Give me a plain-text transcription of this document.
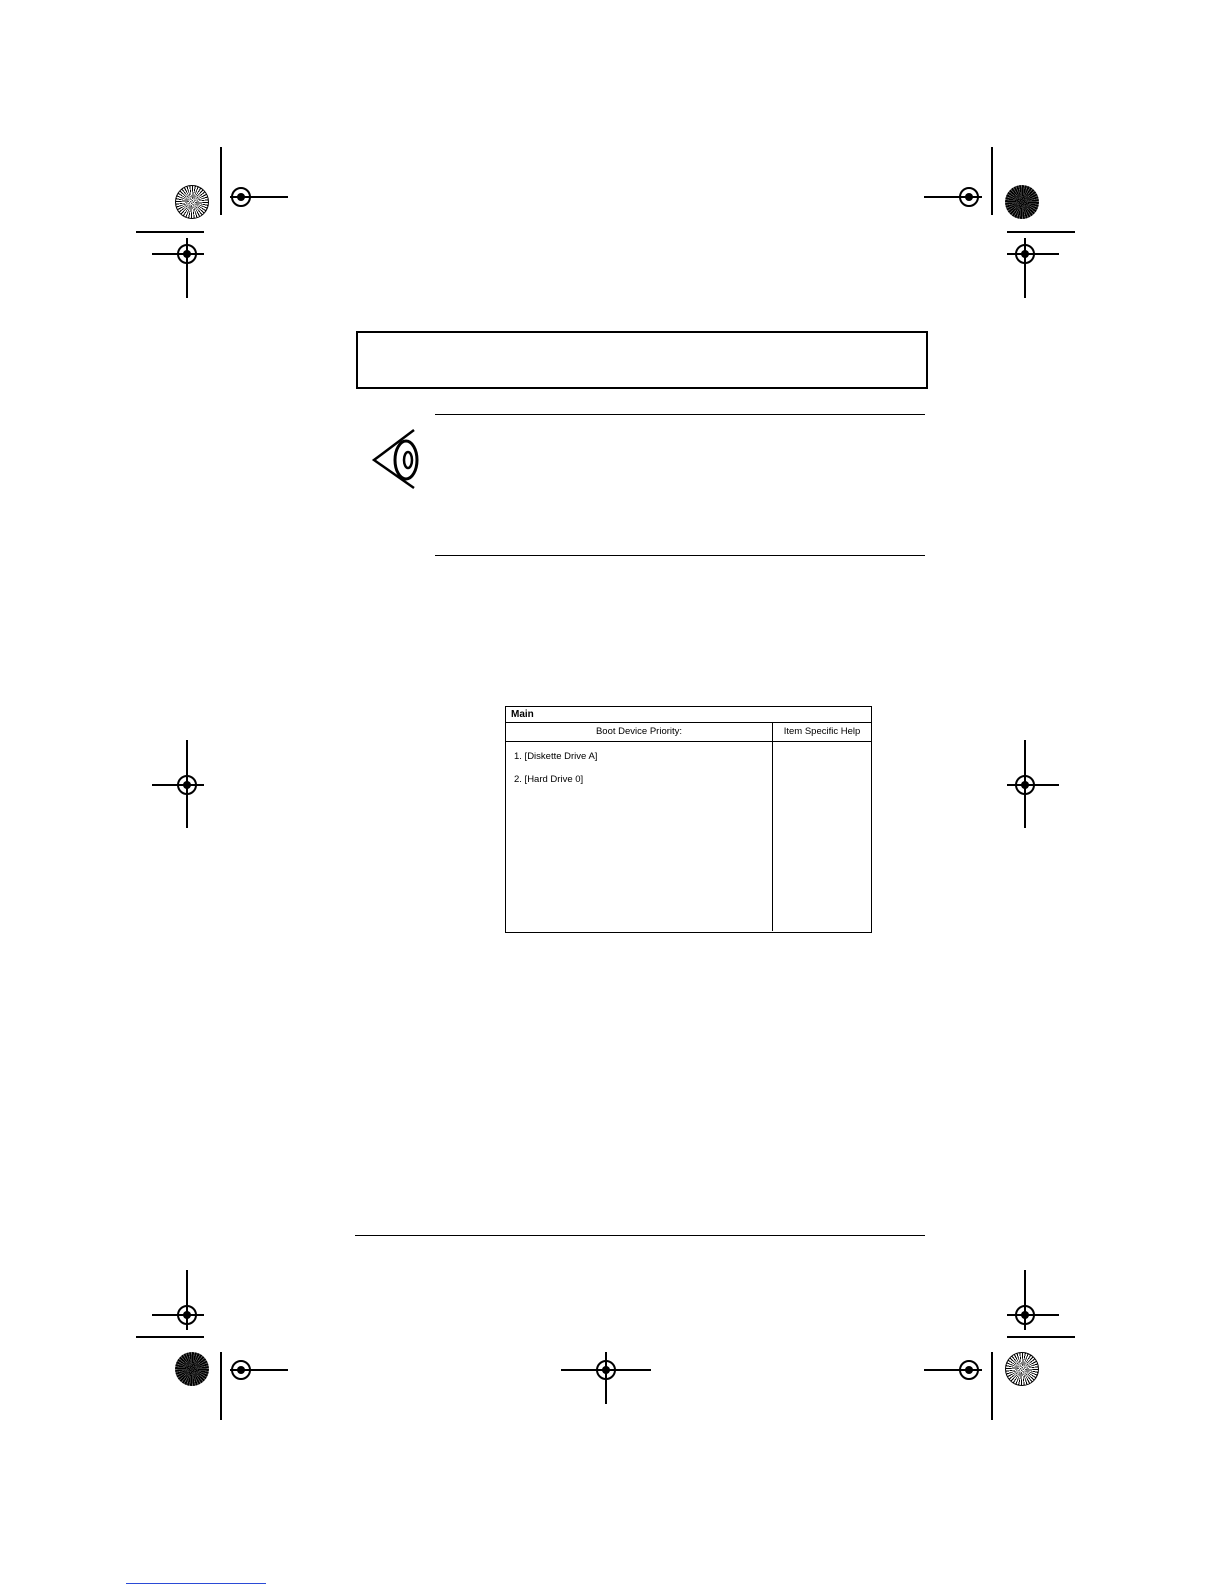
Main
Boot Device Priority:	Item Specific Help
1. [Diskette Drive A]
2. [Hard Drive 0]
